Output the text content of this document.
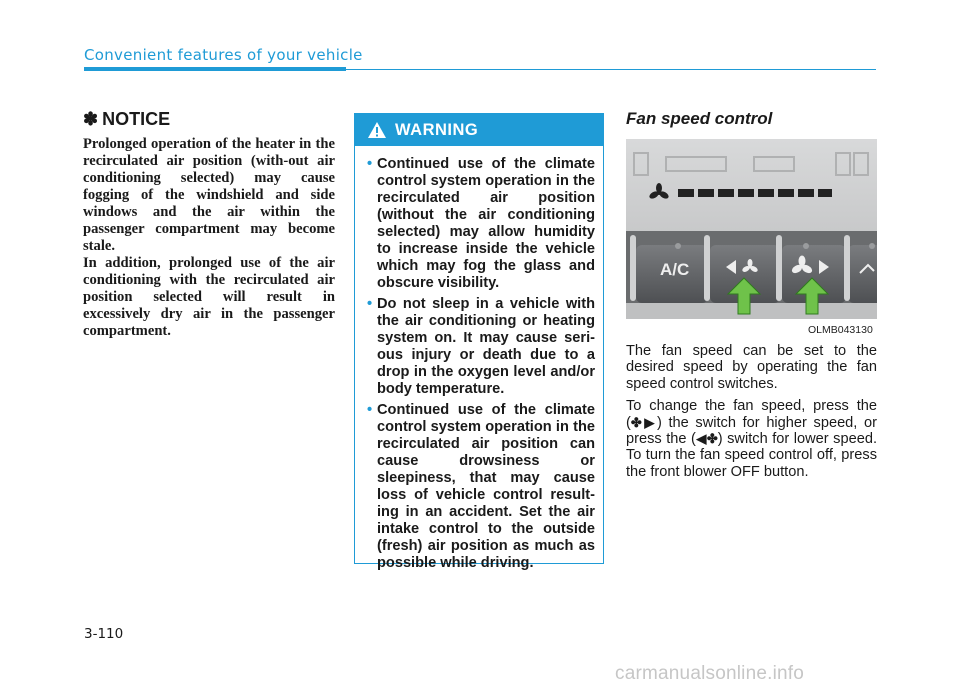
Convenient features of your vehicle
✽ NOTICE

Prolonged operation of the heater in the recirculated air position (with-out air conditioning selected) may cause fogging of the windshield and side windows and the air within the passenger compartment may become stale.

In addition, prolonged use of the air conditioning with the recirculated air position selected will result in excessively dry air in the passenger compartment.

WARNING
• Continued use of the climate control system operation in the recirculated air position (without the air conditioning selected) may allow humidity to increase inside the vehicle which may fog the glass and obscure visibility.
• Do not sleep in a vehicle with the air conditioning or heating system on. It may cause seri-ous injury or death due to a drop in the oxygen level and/or body temperature.
• Continued use of the climate control system operation in the recirculated air position can cause drowsiness or sleepiness, that may cause loss of vehicle control result-ing in an accident. Set the air intake control to the outside (fresh) air position as much as possible while driving.
Fan speed control
A/C
OLMB043130

The fan speed can be set to the desired speed by operating the fan speed control switches.

To change the fan speed, press the (✤▶) the switch for higher speed, or press the (◀✤) switch for lower speed. To turn the fan speed control off, press the front blower OFF button.

3-110
carmanualsonline.info
